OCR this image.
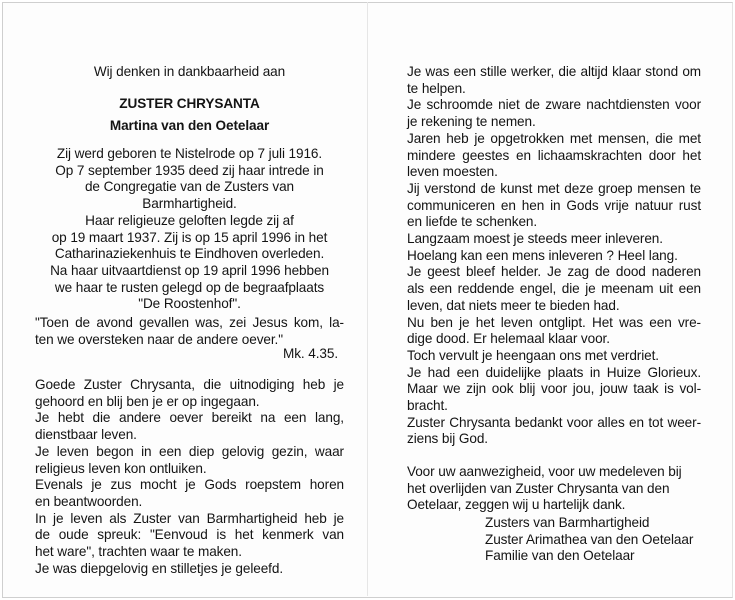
Wij denken in dankbaarheid aan

ZUSTER CHRYSANTA

Martina van den Oetelaar

Zij werd geboren te Nistelrode op 7 juli 1916.

Op 7 september 1935 deed zij haar intrede in

de Congregatie van de Zusters van

Barmhartigheid.

Haar religieuze geloften legde zij af

op 19 maart 1937. Zij is op 15 april 1996 in het

Catharinaziekenhuis te Eindhoven overleden.

Na haar uitvaartdienst op 19 april 1996 hebben

we haar te rusten gelegd op de begraafplaats

"De Roostenhof".

"Toen de avond gevallen was, zei Jesus kom, la-

ten we oversteken naar de andere oever."

Mk. 4.35.

Goede Zuster Chrysanta, die uitnodiging heb je

gehoord en blij ben je er op ingegaan.

Je hebt die andere oever bereikt na een lang,

dienstbaar leven.

Je leven begon in een diep gelovig gezin, waar

religieus leven kon ontluiken.

Evenals je zus mocht je Gods roepstem horen

en beantwoorden.

In je leven als Zuster van Barmhartigheid heb je

de oude spreuk: "Eenvoud is het kenmerk van

het ware", trachten waar te maken.

Je was diepgelovig en stilletjes je geleefd.

Je was een stille werker, die altijd klaar stond om

te helpen.

Je schroomde niet de zware nachtdiensten voor

je rekening te nemen.

Jaren heb je opgetrokken met mensen, die met

mindere geestes en lichaamskrachten door het

leven moesten.

Jij verstond de kunst met deze groep mensen te

communiceren en hen in Gods vrije natuur rust

en liefde te schenken.

Langzaam moest je steeds meer inleveren.

Hoelang kan een mens inleveren ? Heel lang.

Je geest bleef helder. Je zag de dood naderen

als een reddende engel, die je meenam uit een

leven, dat niets meer te bieden had.

Nu ben je het leven ontglipt. Het was een vre-

dige dood. Er helemaal klaar voor.

Toch vervult je heengaan ons met verdriet.

Je had een duidelijke plaats in Huize Glorieux.

Maar we zijn ook blij voor jou, jouw taak is vol-

bracht.

Zuster Chrysanta bedankt voor alles en tot weer-

ziens bij God.

Voor uw aanwezigheid, voor uw medeleven bij

het overlijden van Zuster Chrysanta van den

Oetelaar, zeggen wij u hartelijk dank.

Zusters van Barmhartigheid

Zuster Arimathea van den Oetelaar

Familie van den Oetelaar
